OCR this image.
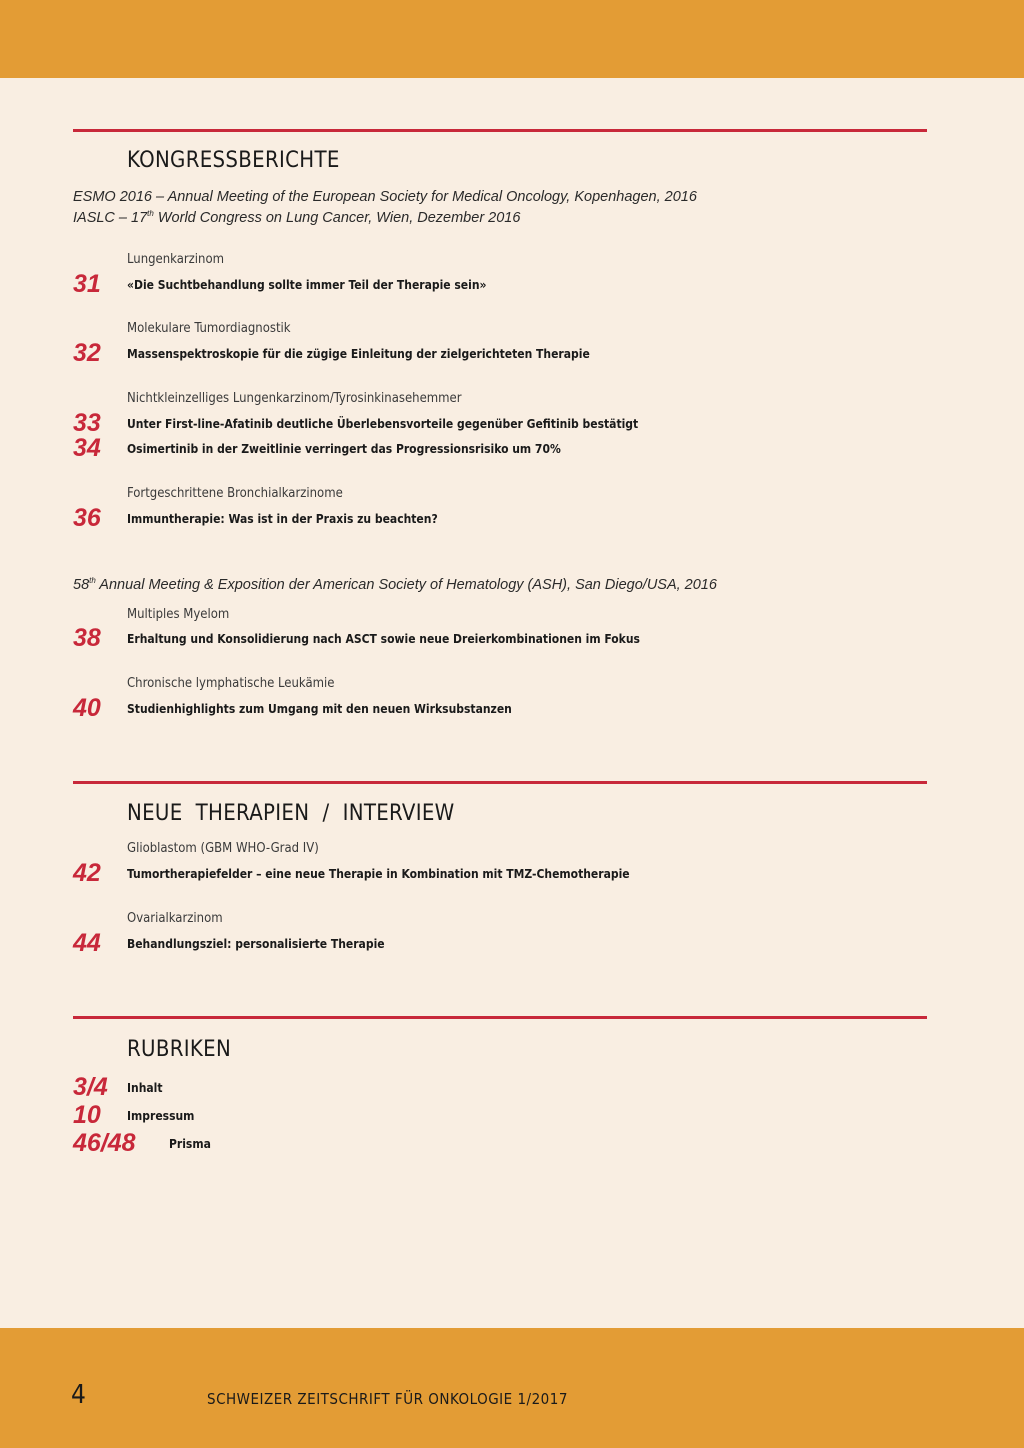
KONGRESSBERICHTE

ESMO 2016 – Annual Meeting of the European Society for Medical Oncology, Kopenhagen, 2016

IASLC – 17th World Congress on Lung Cancer, Wien, Dezember 2016

Lungenkarzinom

31 «Die Suchtbehandlung sollte immer Teil der Therapie sein»

Molekulare Tumordiagnostik

32 Massenspektroskopie für die zügige Einleitung der zielgerichteten Therapie

Nichtkleinzelliges Lungenkarzinom/Tyrosinkinasehemmer

33 Unter First-line-Afatinib deutliche Überlebensvorteile gegenüber Gefitinib bestätigt
34 Osimertinib in der Zweitlinie verringert das Progressionsrisiko um 70%

Fortgeschrittene Bronchialkarzinome

36 Immuntherapie: Was ist in der Praxis zu beachten?

58th Annual Meeting & Exposition der American Society of Hematology (ASH), San Diego/USA, 2016

Multiples Myelom

38 Erhaltung und Konsolidierung nach ASCT sowie neue Dreierkombinationen im Fokus

Chronische lymphatische Leukämie

40 Studienhighlights zum Umgang mit den neuen Wirksubstanzen
NEUE  THERAPIEN  /  INTERVIEW

Glioblastom (GBM WHO-Grad IV)

42 Tumortherapiefelder – eine neue Therapie in Kombination mit TMZ-Chemotherapie

Ovarialkarzinom

44 Behandlungsziel: personalisierte Therapie
RUBRIKEN
3/4 Inhalt
10 Impressum
46/48	Prisma

4	SCHWEIZER ZEITSCHRIFT FÜR ONKOLOGIE 1/2017
